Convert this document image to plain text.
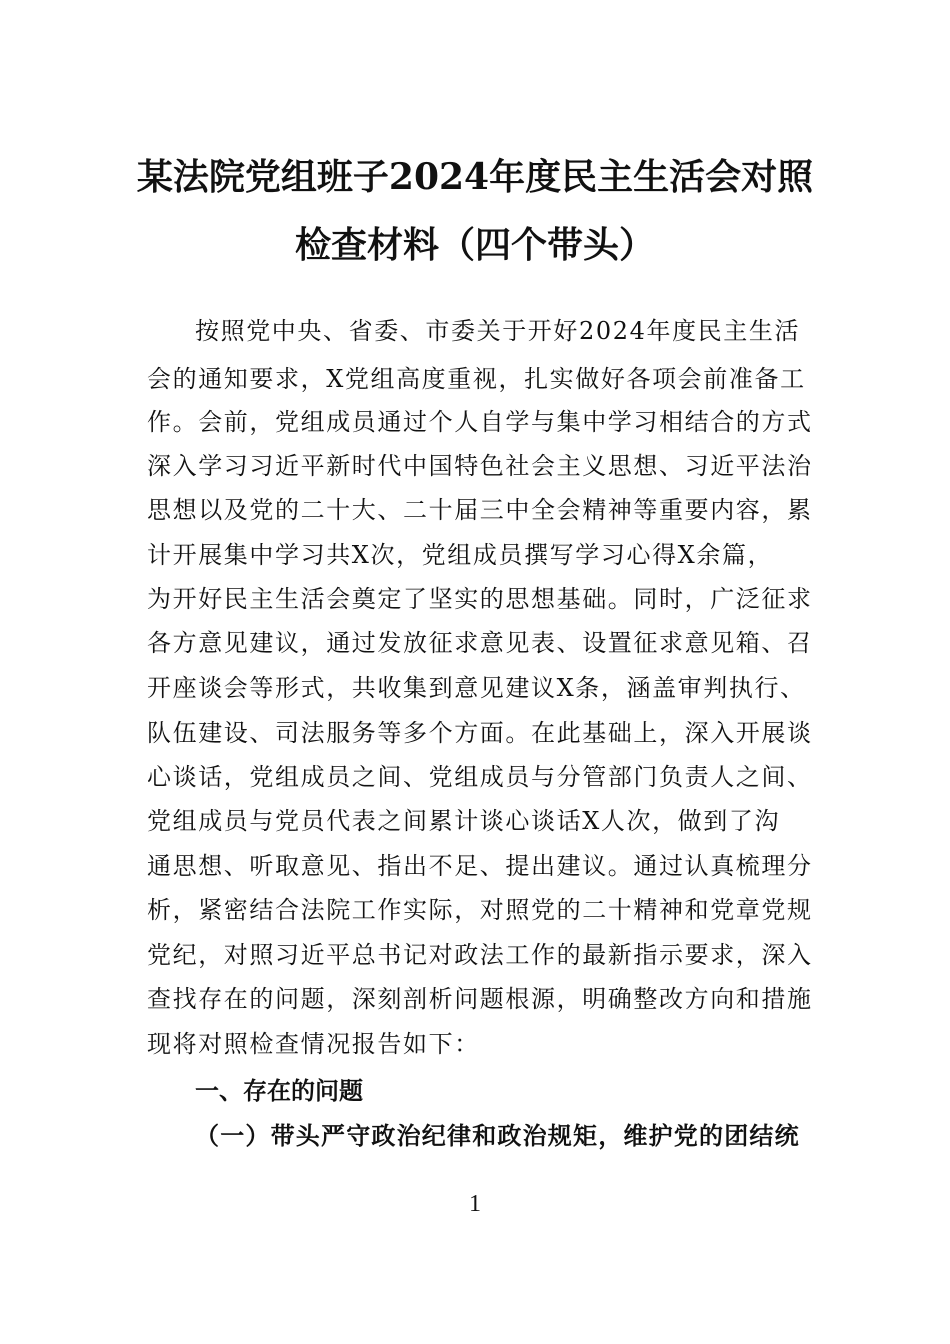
某法院党组班子2024年度民主生活会对照
检查材料（四个带头）

按照党中央、省委、市委关于开好2024年度民主生活

会的通知要求，X党组高度重视，扎实做好各项会前准备工

作。会前，党组成员通过个人自学与集中学习相结合的方式

深入学习习近平新时代中国特色社会主义思想、习近平法治

思想以及党的二十大、二十届三中全会精神等重要内容，累

计开展集中学习共X次，党组成员撰写学习心得X余篇，

为开好民主生活会奠定了坚实的思想基础。同时，广泛征求

各方意见建议，通过发放征求意见表、设置征求意见箱、召

开座谈会等形式，共收集到意见建议X条，涵盖审判执行、

队伍建设、司法服务等多个方面。在此基础上，深入开展谈

心谈话，党组成员之间、党组成员与分管部门负责人之间、

党组成员与党员代表之间累计谈心谈话X人次，做到了沟

通思想、听取意见、指出不足、提出建议。通过认真梳理分

析，紧密结合法院工作实际，对照党的二十精神和党章党规

党纪，对照习近平总书记对政法工作的最新指示要求，深入

查找存在的问题，深刻剖析问题根源，明确整改方向和措施

现将对照检查情况报告如下：

一、存在的问题
（一）带头严守政治纪律和政治规矩，维护党的团结统
1
